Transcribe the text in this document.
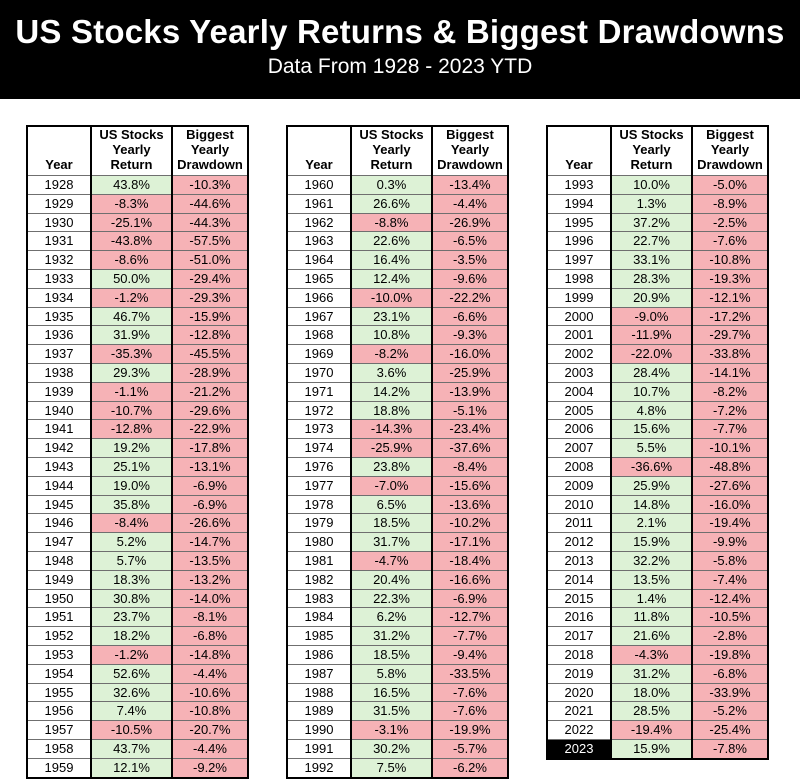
US Stocks Yearly Returns & Biggest Drawdowns
Data From 1928 - 2023 YTD
Year

US Stocks
Yearly
Return

Biggest
Yearly
Drawdown

1928	43.8%	-10.3%
1929	-8.3%	-44.6%
1930	-25.1%	-44.3%
1931	-43.8%	-57.5%
1932	-8.6%	-51.0%
1933	50.0%	-29.4%
1934	-1.2%	-29.3%
1935	46.7%	-15.9%
1936	31.9%	-12.8%
1937	-35.3%	-45.5%
1938	29.3%	-28.9%
1939	-1.1%	-21.2%
1940	-10.7%	-29.6%
1941	-12.8%	-22.9%
1942	19.2%	-17.8%
1943	25.1%	-13.1%
1944	19.0%	-6.9%
1945	35.8%	-6.9%
1946	-8.4%	-26.6%
1947	5.2%	-14.7%
1948	5.7%	-13.5%
1949	18.3%	-13.2%
1950	30.8%	-14.0%
1951	23.7%	-8.1%
1952	18.2%	-6.8%
1953	-1.2%	-14.8%
1954	52.6%	-4.4%
1955	32.6%	-10.6%
1956	7.4%	-10.8%
1957	-10.5%	-20.7%
1958	43.7%	-4.4%
1959	12.1%	-9.2%
Year

US Stocks
Yearly
Return

Biggest
Yearly
Drawdown

1960	0.3%	-13.4%
1961	26.6%	-4.4%
1962	-8.8%	-26.9%
1963	22.6%	-6.5%
1964	16.4%	-3.5%
1965	12.4%	-9.6%
1966	-10.0%	-22.2%
1967	23.1%	-6.6%
1968	10.8%	-9.3%
1969	-8.2%	-16.0%
1970	3.6%	-25.9%
1971	14.2%	-13.9%
1972	18.8%	-5.1%
1973	-14.3%	-23.4%
1974	-25.9%	-37.6%
1976	23.8%	-8.4%
1977	-7.0%	-15.6%
1978	6.5%	-13.6%
1979	18.5%	-10.2%
1980	31.7%	-17.1%
1981	-4.7%	-18.4%
1982	20.4%	-16.6%
1983	22.3%	-6.9%
1984	6.2%	-12.7%
1985	31.2%	-7.7%
1986	18.5%	-9.4%
1987	5.8%	-33.5%
1988	16.5%	-7.6%
1989	31.5%	-7.6%
1990	-3.1%	-19.9%
1991	30.2%	-5.7%
1992	7.5%	-6.2%
Year

US Stocks
Yearly
Return

Biggest
Yearly
Drawdown

1993	10.0%	-5.0%
1994	1.3%	-8.9%
1995	37.2%	-2.5%
1996	22.7%	-7.6%
1997	33.1%	-10.8%
1998	28.3%	-19.3%
1999	20.9%	-12.1%
2000	-9.0%	-17.2%
2001	-11.9%	-29.7%
2002	-22.0%	-33.8%
2003	28.4%	-14.1%
2004	10.7%	-8.2%
2005	4.8%	-7.2%
2006	15.6%	-7.7%
2007	5.5%	-10.1%
2008	-36.6%	-48.8%
2009	25.9%	-27.6%
2010	14.8%	-16.0%
2011	2.1%	-19.4%
2012	15.9%	-9.9%
2013	32.2%	-5.8%
2014	13.5%	-7.4%
2015	1.4%	-12.4%
2016	11.8%	-10.5%
2017	21.6%	-2.8%
2018	-4.3%	-19.8%
2019	31.2%	-6.8%
2020	18.0%	-33.9%
2021	28.5%	-5.2%
2022	-19.4%	-25.4%
2023	15.9%	-7.8%
